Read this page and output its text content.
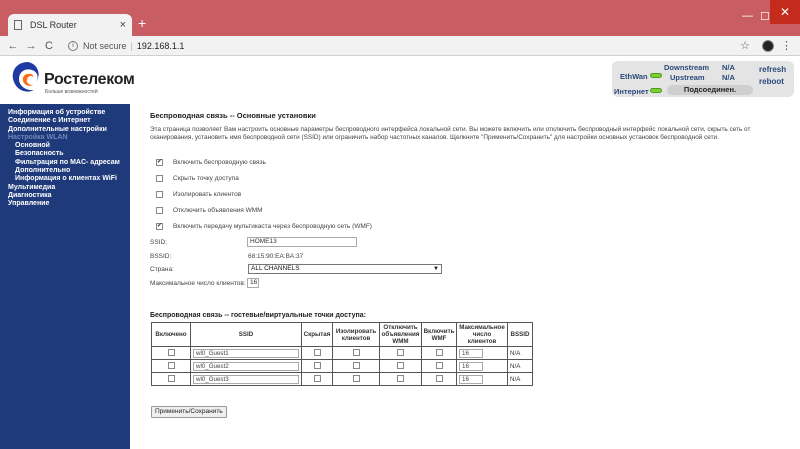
DSL Router	× +	— ☐ ✕
← → C	i	Not secure | 192.168.1.1	☆	⋮
Ростелеком
Больше возможностей
EthWan
Интернет
Downstream
Upstream
N/A
N/A
Подсоединен.
refresh
reboot
Информация об устройстве
Соединение с Интернет
Дополнительные настройки
Настройка WLAN
Основной
Безопасность
Фильтрация по MAC- адресам
Дополнительно
Информация о клиентах WiFi
Мультимедиа
Диагностика
Управление
Беспроводная связь -- Основные установки
Эта страница позволяет Вам настроить основные параметры беспроводного интерфейса локальной сети. Вы можете включить или отключить беспроводный интерфейс локальной сети, скрыть сеть от сканирования, установить имя беспроводной сети (SSID) или ограничить набор частотных каналов. Щелкните "Применить/Сохранить" для настройки основных установок беспроводной сети.
✔
Включить беспроводную связь
Скрыть точку доступа
Изолировать клиентов
Отключить объявления WMM
✔
Включить передачу мультикаста через беспроводную сеть (WMF)
SSID:	HOME13
BSSID:	68:15:90:EA:BA:37
Страна:	ALL CHANNELS	▼
Максимальное число клиентов: 16
Беспроводная связь -- гостевые/виртуальные точки доступа:
Включено	SSID	Скрытая	Изолировать клиентов	Отключить объявления WMM	Включить WMF	Максимальное число клиентов	BSSID
	wl0_Guest1					16	N/A
	wl0_Guest2					16	N/A
	wl0_Guest3					16	N/A
Применить/Сохранить
